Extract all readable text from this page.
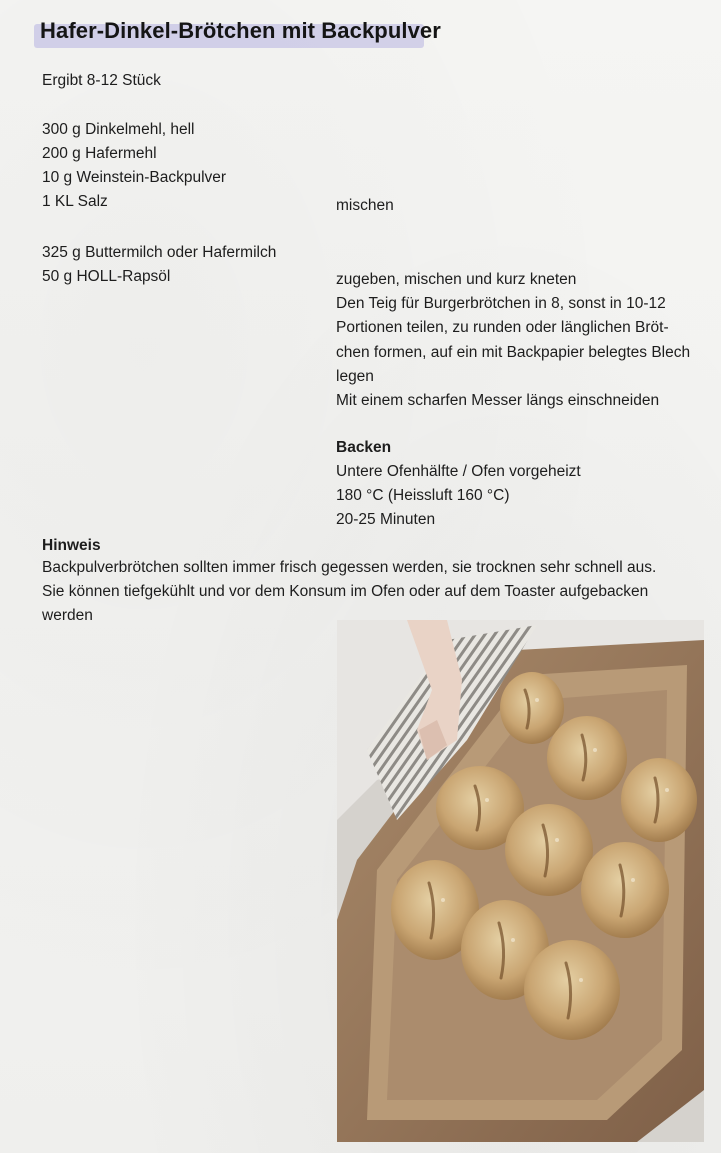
Hafer-Dinkel-Brötchen mit Backpulver
Ergibt 8-12 Stück
300 g Dinkelmehl, hell
200 g Hafermehl
10 g Weinstein-Backpulver
1 KL Salz	mischen
325 g Buttermilch oder Hafermilch
50 g HOLL-Rapsöl	zugeben, mischen und kurz kneten
Den Teig für Burgerbrötchen in 8, sonst in 10-12
Portionen teilen, zu runden oder länglichen Bröt-
chen formen, auf ein mit Backpapier belegtes Blech
legen
Mit einem scharfen Messer längs einschneiden
Backen
Untere Ofenhälfte / Ofen vorgeheizt
180 °C (Heissluft 160 °C)
20-25 Minuten
Hinweis
Backpulverbrötchen sollten immer frisch gegessen werden, sie trocknen sehr schnell aus.
Sie können tiefgekühlt und vor dem Konsum im Ofen oder auf dem Toaster aufgebacken
werden
